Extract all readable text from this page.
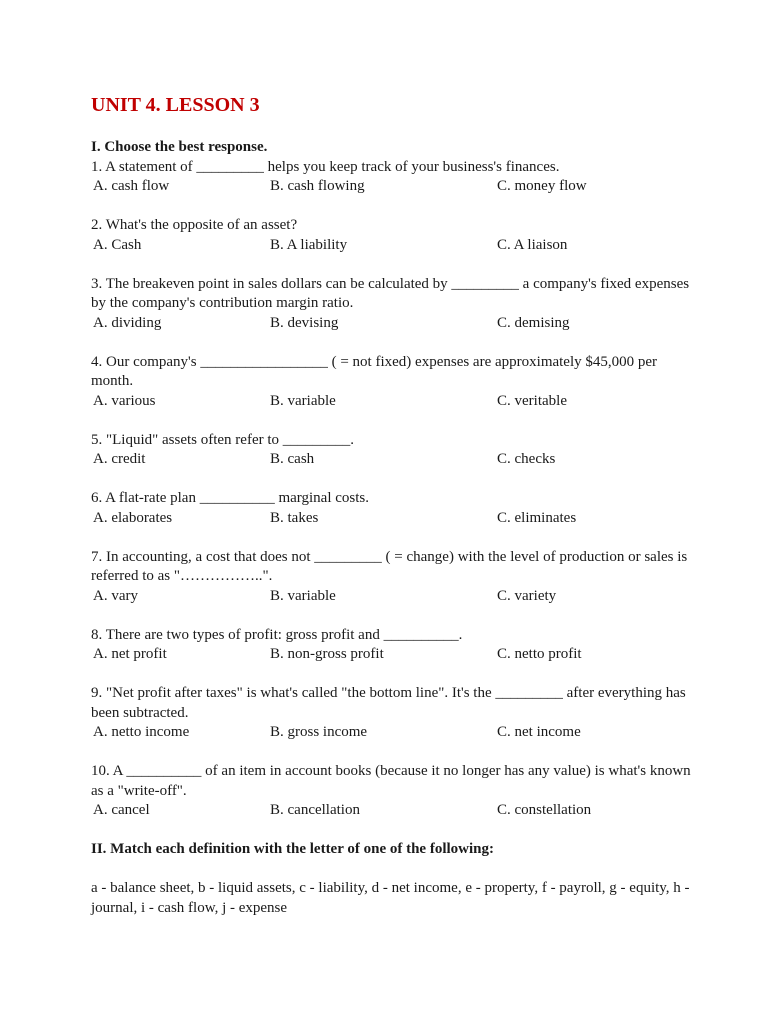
UNIT 4. LESSON 3
I. Choose the best response.
1. A statement of _________ helps you keep track of your business's finances.
A. cash flow	B. cash flowing	C. money flow
2. What's the opposite of an asset?
A. Cash	B. A liability	C. A liaison
3. The breakeven point in sales dollars can be calculated by _________ a company's fixed expenses by the company's contribution margin ratio.
A. dividing	B. devising	C. demising
4. Our company's _________________ ( = not fixed) expenses are approximately $45,000 per month.
A. various	B. variable	C. veritable
5. "Liquid" assets often refer to _________.
A. credit	B. cash	C. checks
6. A flat-rate plan __________ marginal costs.
A. elaborates	B. takes	C. eliminates
7. In accounting, a cost that does not _________ ( = change) with the level of production or sales is referred to as "……………..".
A. vary	B. variable	C. variety
8. There are two types of profit: gross profit and __________.
A. net profit	B. non-gross profit	C. netto profit
9. "Net profit after taxes" is what's called "the bottom line". It's the _________ after everything has been subtracted.
A. netto income	B. gross income	C. net income
10. A __________ of an item in account books (because it no longer has any value) is what's known as a "write-off".
A. cancel	B. cancellation	C. constellation
II. Match each definition with the letter of one of the following:
a - balance sheet, b - liquid assets, c - liability, d - net income, e - property, f - payroll, g - equity, h - journal, i - cash flow, j - expense
